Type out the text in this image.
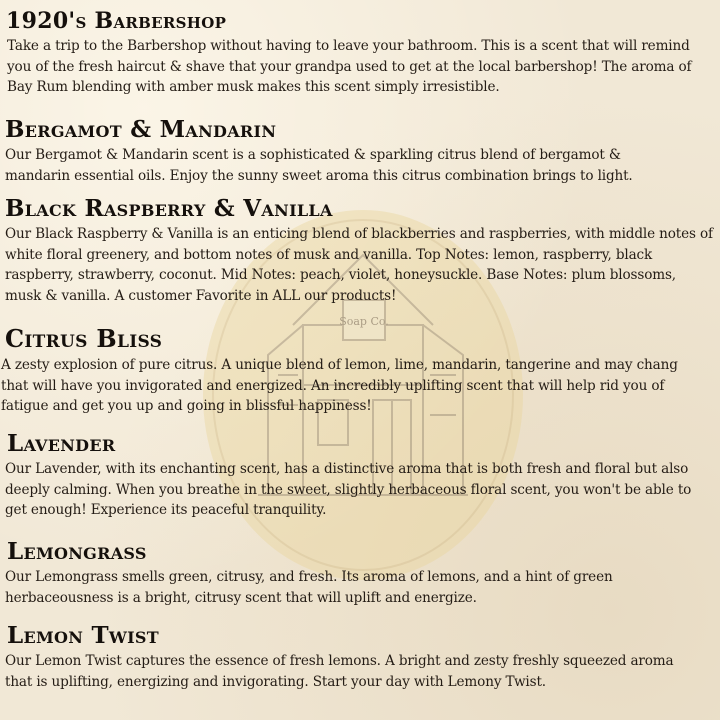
Soap Co.
1920's Barbershop

Take a trip to the Barbershop without having to leave your bathroom. This is a scent that will remind you of the fresh haircut & shave that your grandpa used to get at the local barbershop! The aroma of Bay Rum blending with amber musk makes this scent simply irresistible.

Bergamot & Mandarin

Our Bergamot & Mandarin scent is a sophisticated & sparkling citrus blend of bergamot & mandarin essential oils. Enjoy the sunny sweet aroma this citrus combination brings to light.

Black Raspberry & Vanilla

Our Black Raspberry & Vanilla is an enticing blend of blackberries and raspberries, with middle notes of white floral greenery, and bottom notes of musk and vanilla. Top Notes: lemon, raspberry, black raspberry, strawberry, coconut. Mid Notes: peach, violet, honeysuckle. Base Notes: plum blossoms, musk & vanilla. A customer Favorite in ALL our products!

Citrus Bliss

A zesty explosion of pure citrus. A unique blend of lemon, lime, mandarin, tangerine and may chang that will have you invigorated and energized. An incredibly uplifting scent that will help rid you of fatigue and get you up and going in blissful happiness!

Lavender

Our Lavender, with its enchanting scent, has a distinctive aroma that is both fresh and floral but also deeply calming. When you breathe in the sweet, slightly herbaceous floral scent, you won't be able to get enough! Experience its peaceful tranquility.

Lemongrass

Our Lemongrass smells green, citrusy, and fresh. Its aroma of lemons, and a hint of green herbaceousness is a bright, citrusy scent that will uplift and energize.

Lemon Twist

Our Lemon Twist captures the essence of fresh lemons. A bright and zesty freshly squeezed aroma that is uplifting, energizing and invigorating. Start your day with Lemony Twist.
